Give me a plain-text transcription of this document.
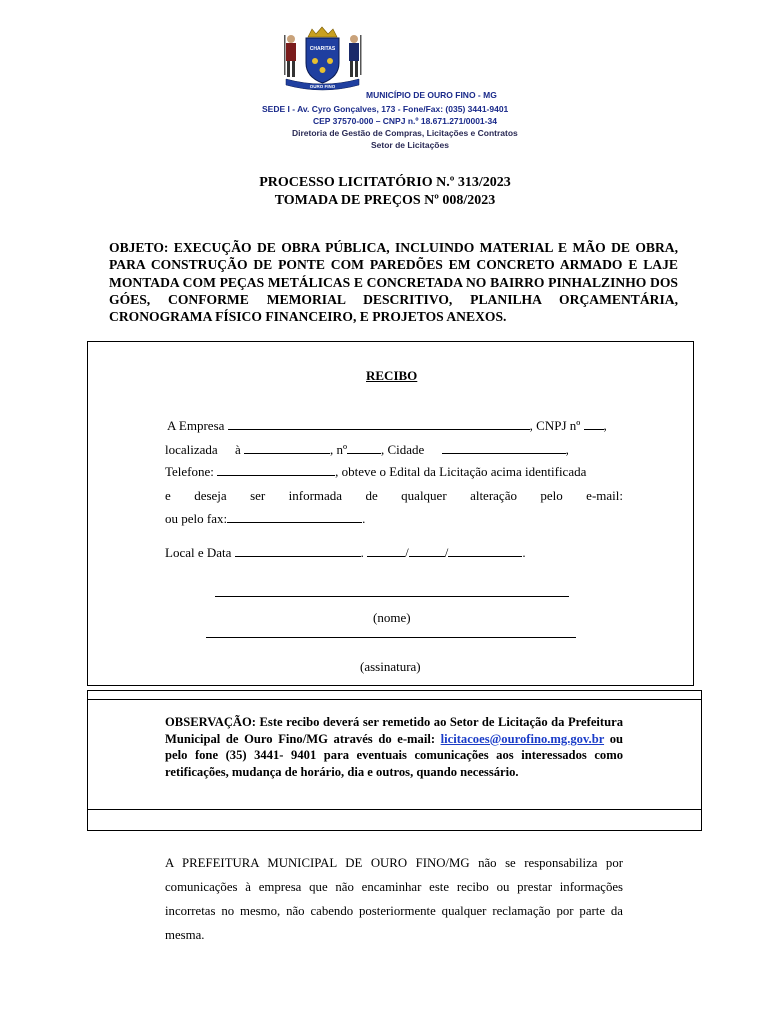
CHARITAS
OURO FINO
MUNICÍPIO DE OURO FINO - MG
SEDE I - Av. Cyro Gonçalves, 173 - Fone/Fax: (035) 3441-9401
CEP 37570-000 – CNPJ n.º 18.671.271/0001-34
Diretoria de Gestão de Compras, Licitações e Contratos
Setor de Licitações
PROCESSO LICITATÓRIO N.º 313/2023
TOMADA DE PREÇOS Nº 008/2023
OBJETO: EXECUÇÃO DE OBRA PÚBLICA, INCLUINDO MATERIAL E MÃO DE OBRA, PARA CONSTRUÇÃO DE PONTE COM PAREDÕES EM CONCRETO ARMADO E LAJE MONTADA COM PEÇAS METÁLICAS E CONCRETADA NO BAIRRO PINHALZINHO DOS GÓES, CONFORME MEMORIAL DESCRITIVO, PLANILHA ORÇAMENTÁRIA, CRONOGRAMA FÍSICO FINANCEIRO, E PROJETOS ANEXOS.
RECIBO
A Empresa	, CNPJ nº ,
localizada à	, nº	, Cidade	,
Telefone:	, obteve o Edital da Licitação acima identificada
e deseja ser informada de qualquer alteração pelo e-mail:
ou pelo fax:	.
Local e Data	.	/	/	.
(nome)
(assinatura)
OBSERVAÇÃO: Este recibo deverá ser remetido ao Setor de Licitação da Prefeitura Municipal de Ouro Fino/MG através do e-mail: licitacoes@ourofino.mg.gov.br ou pelo fone (35) 3441- 9401 para eventuais comunicações aos interessados como retificações, mudança de horário, dia e outros, quando necessário.
A PREFEITURA MUNICIPAL DE OURO FINO/MG não se responsabiliza por comunicações à empresa que não encaminhar este recibo ou prestar informações incorretas no mesmo, não cabendo posteriormente qualquer reclamação por parte da mesma.
